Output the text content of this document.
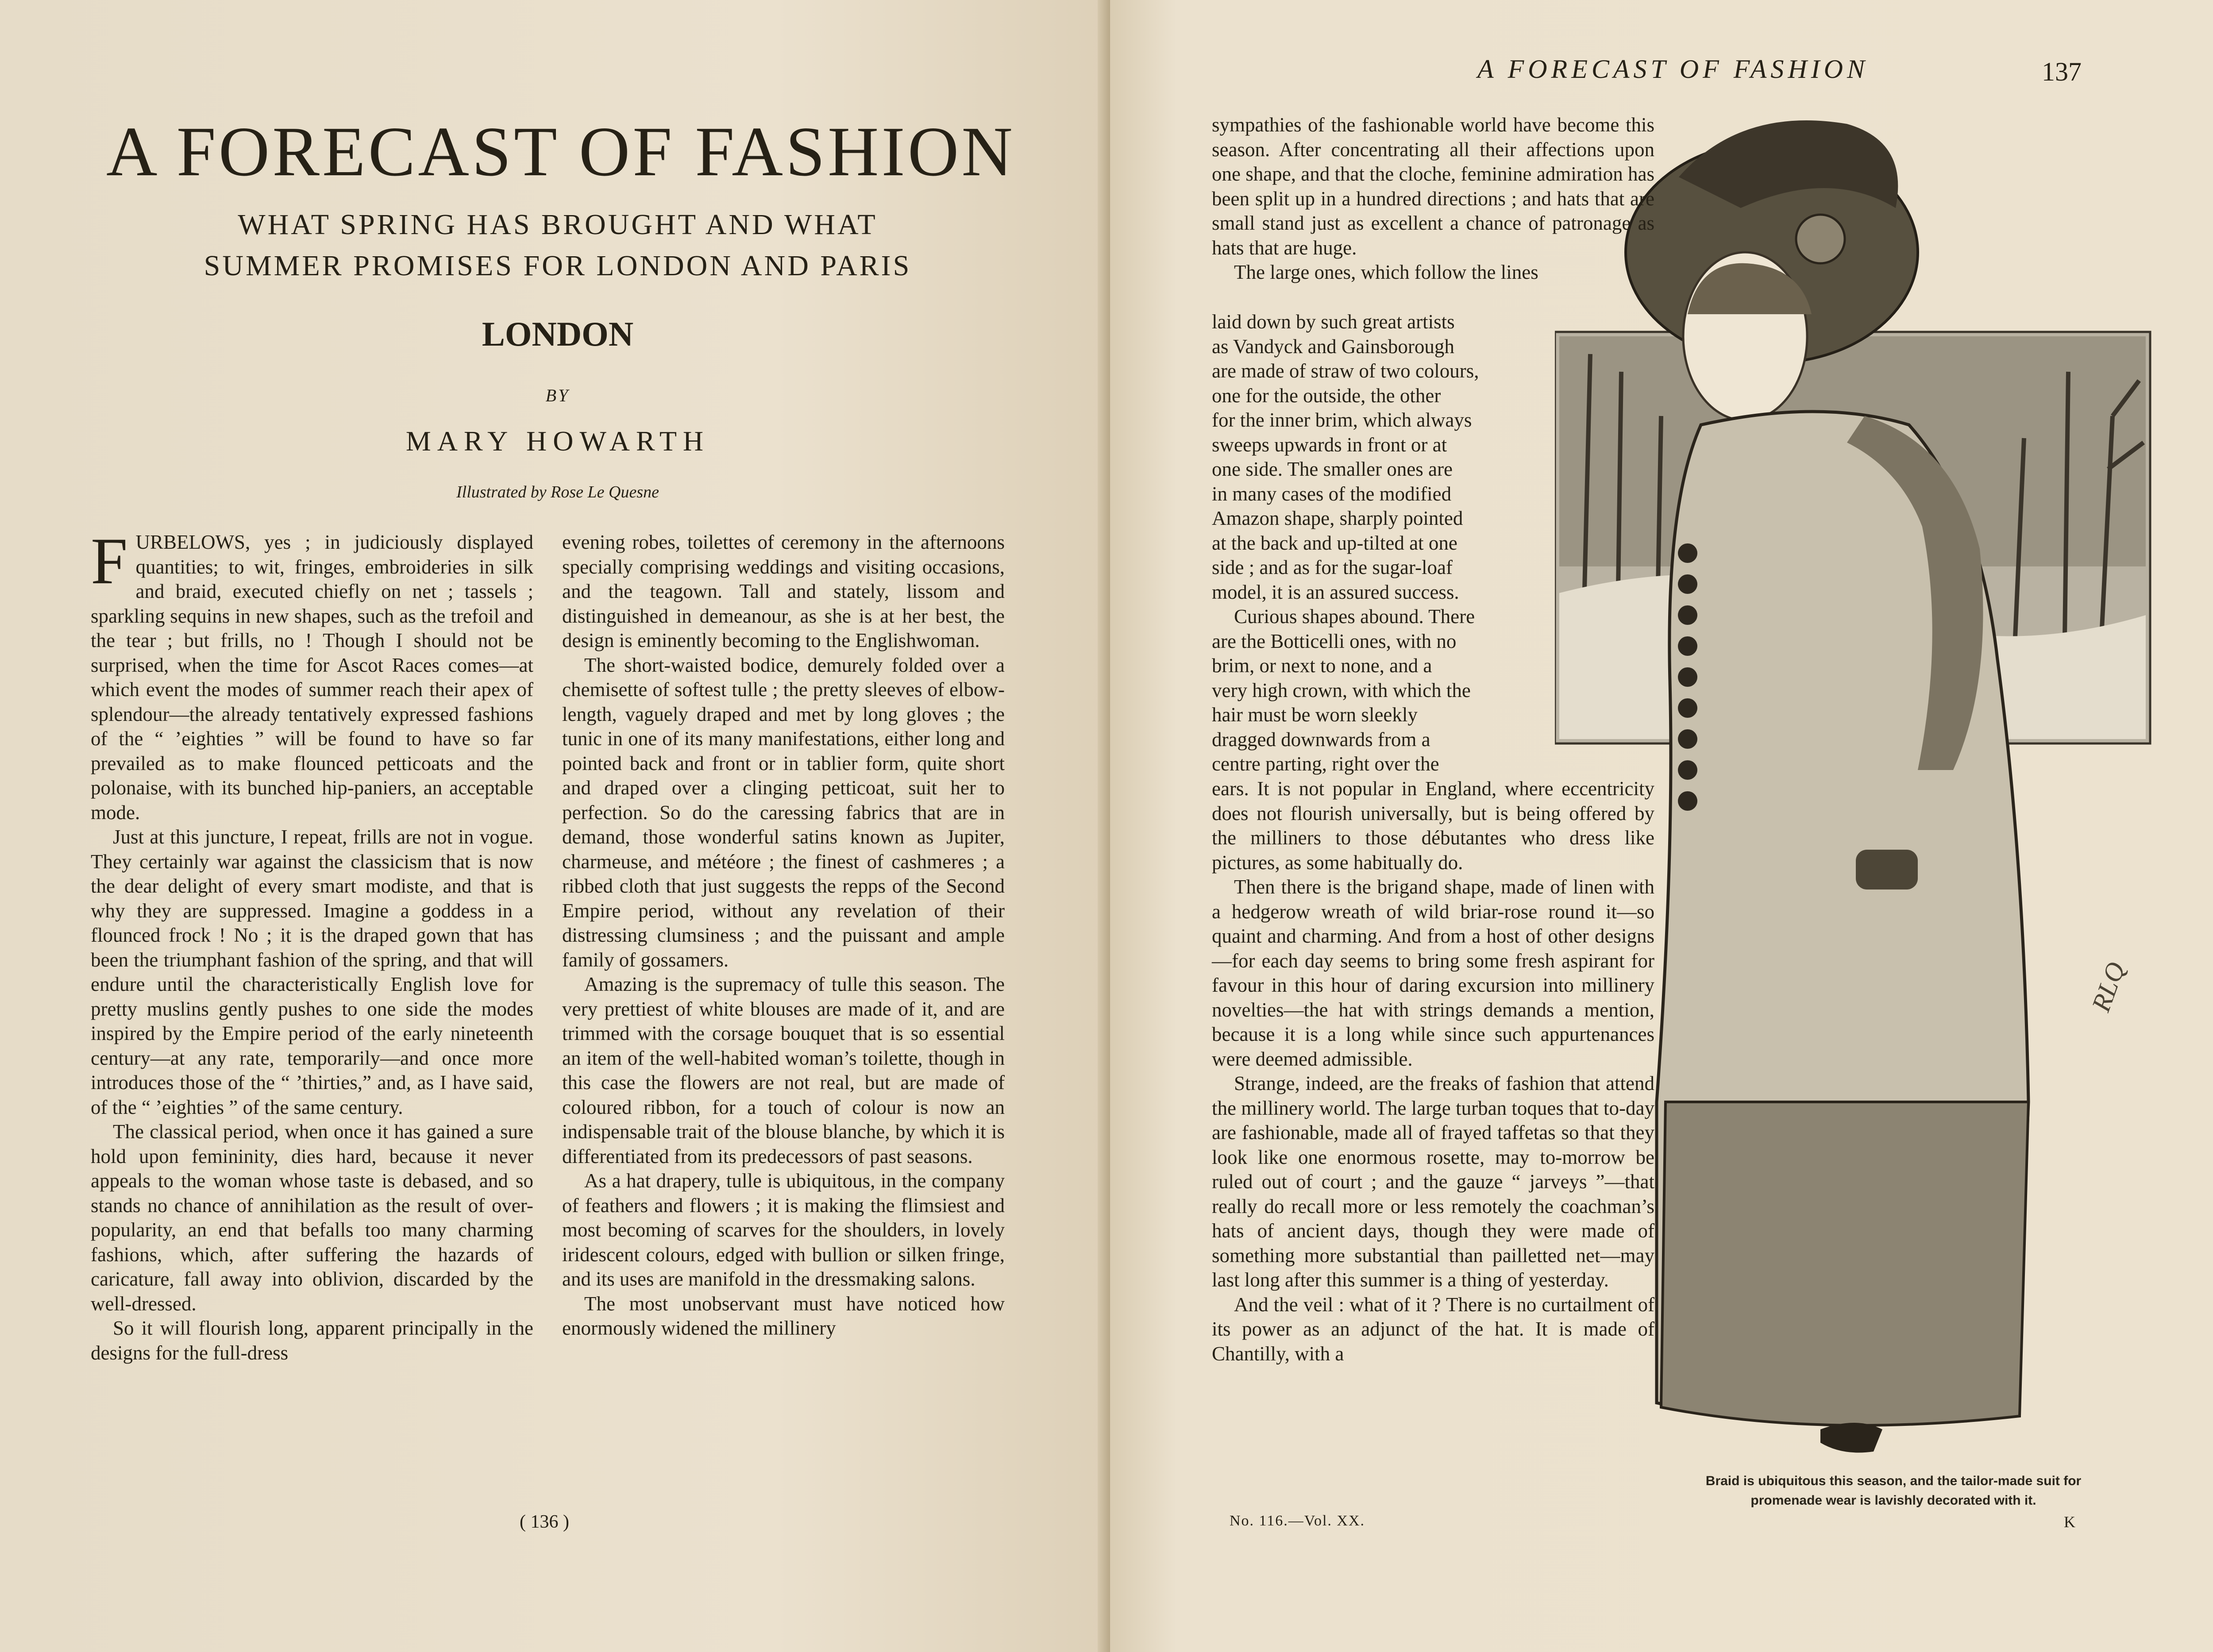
A FORECAST OF FASHION
WHAT SPRING HAS BROUGHT AND WHAT
SUMMER PROMISES FOR LONDON AND PARIS
LONDON
BY
MARY HOWARTH
Illustrated by Rose Le Quesne

FURBELOWS, yes ; in judiciously displayed quantities; to wit, fringes, embroideries in silk and braid, executed chiefly on net ; tassels ; sparkling sequins in new shapes, such as the trefoil and the tear ; but frills, no ! Though I should not be surprised, when the time for Ascot Races comes—at which event the modes of summer reach their apex of splendour—the already tentatively expressed fashions of the “ ’eighties ” will be found to have so far prevailed as to make flounced petticoats and the polonaise, with its bunched hip-paniers, an acceptable mode.

Just at this juncture, I repeat, frills are not in vogue. They certainly war against the classicism that is now the dear delight of every smart modiste, and that is why they are suppressed. Imagine a goddess in a flounced frock ! No ; it is the draped gown that has been the triumphant fashion of the spring, and that will endure until the characteristically English love for pretty muslins gently pushes to one side the modes inspired by the Empire period of the early nineteenth century—at any rate, temporarily—and once more introduces those of the “ ’thirties,” and, as I have said, of the “ ’eighties ” of the same century.

The classical period, when once it has gained a sure hold upon femininity, dies hard, because it never appeals to the woman whose taste is debased, and so stands no chance of annihilation as the result of over-popularity, an end that befalls too many charming fashions, which, after suffering the hazards of caricature, fall away into oblivion, discarded by the well-dressed.

So it will flourish long, apparent principally in the designs for the full-dress

evening robes, toilettes of ceremony in the afternoons specially comprising weddings and visiting occasions, and the teagown. Tall and stately, lissom and distinguished in demeanour, as she is at her best, the design is eminently becoming to the Englishwoman.

The short-waisted bodice, demurely folded over a chemisette of softest tulle ; the pretty sleeves of elbow-length, vaguely draped and met by long gloves ; the tunic in one of its many manifestations, either long and pointed back and front or in tablier form, quite short and draped over a clinging petticoat, suit her to perfection. So do the caressing fabrics that are in demand, those wonderful satins known as Jupiter, charmeuse, and météore ; the finest of cashmeres ; a ribbed cloth that just suggests the repps of the Second Empire period, without any revelation of their distressing clumsiness ; and the puissant and ample family of gossamers.

Amazing is the supremacy of tulle this season. The very prettiest of white blouses are made of it, and are trimmed with the corsage bouquet that is so essential an item of the well-habited woman’s toilette, though in this case the flowers are not real, but are made of coloured ribbon, for a touch of colour is now an indispensable trait of the blouse blanche, by which it is differentiated from its predecessors of past seasons.

As a hat drapery, tulle is ubiquitous, in the company of feathers and flowers ; it is making the flimsiest and most becoming of scarves for the shoulders, in lovely iridescent colours, edged with bullion or silken fringe, and its uses are manifold in the dressmaking salons.

The most unobservant must have noticed how enormously widened the millinery

( 136 )
A FORECAST OF FASHION	137
RLQ

sympathies of the fashionable world have become this season. After concentrating all their affections upon one shape, and that the cloche, feminine admiration has been split up in a hundred directions ; and hats that are small stand just as excellent a chance of patronage as hats that are huge.

The large ones, which follow the lines

laid down by such great artists
as Vandyck and Gainsborough
are made of straw of two colours,
one for the outside, the other
for the inner brim, which always
sweeps upwards in front or at
one side. The smaller ones are
in many cases of the modified
Amazon shape, sharply pointed
at the back and up-tilted at one
side ; and as for the sugar-loaf
model, it is an assured success.
Curious shapes abound. There
are the Botticelli ones, with no
brim, or next to none, and a
very high crown, with which the
hair must be worn sleekly
dragged downwards from a
centre parting, right over the

ears. It is not popular in England, where eccentricity does not flourish universally, but is being offered by the milliners to those débutantes who dress like pictures, as some habitually do.

Then there is the brigand shape, made of linen with a hedgerow wreath of wild briar-rose round it—so quaint and charming. And from a host of other designs—for each day seems to bring some fresh aspirant for favour in this hour of daring excursion into millinery novelties—the hat with strings demands a mention, because it is a long while since such appurtenances were deemed admissible.

Strange, indeed, are the freaks of fashion that attend the millinery world. The large turban toques that to-day are fashionable, made all of frayed taffetas so that they look like one enormous rosette, may to-morrow be ruled out of court ; and the gauze “ jarveys ”—that really do recall more or less remotely the coachman’s hats of ancient days, though they were made of something more substantial than pailletted net—may last long after this summer is a thing of yesterday.

And the veil : what of it ? There is no curtailment of its power as an adjunct of the hat. It is made of Chantilly, with a

Braid is ubiquitous this season, and the tailor-made suit for promenade wear is lavishly decorated with it.
No. 116.—Vol. XX.	K
